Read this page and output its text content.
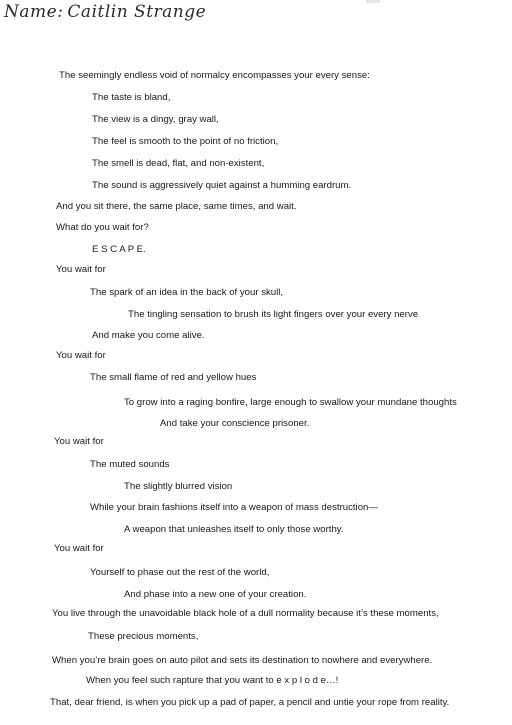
Name: Caitlin Strange
The seemingly endless void of normalcy encompasses your every sense:
The taste is bland,
The view is a dingy, gray wall,
The feel is smooth to the point of no friction,
The smell is dead, flat, and non-existent,
The sound is aggressively quiet against a humming eardrum.
And you sit there, the same place, same times, and wait.
What do you wait for?
E S C A P E.
You wait for
The spark of an idea in the back of your skull,
The tingling sensation to brush its light fingers over your every nerve
And make you come alive.
You wait for
The small flame of red and yellow hues
To grow into a raging bonfire, large enough to swallow your mundane thoughts
And take your conscience prisoner.
You wait for
The muted sounds
The slightly blurred vision
While your brain fashions itself into a weapon of mass destruction—
A weapon that unleashes itself to only those worthy.
You wait for
Yourself to phase out the rest of the world,
And phase into a new one of your creation.
You live through the unavoidable black hole of a dull normality because it’s these moments,
These precious moments,
When you’re brain goes on auto pilot and sets its destination to nowhere and everywhere.
When you feel such rapture that you want to e x p l o d e…!
That, dear friend, is when you pick up a pad of paper, a pencil and untie your rope from reality.
